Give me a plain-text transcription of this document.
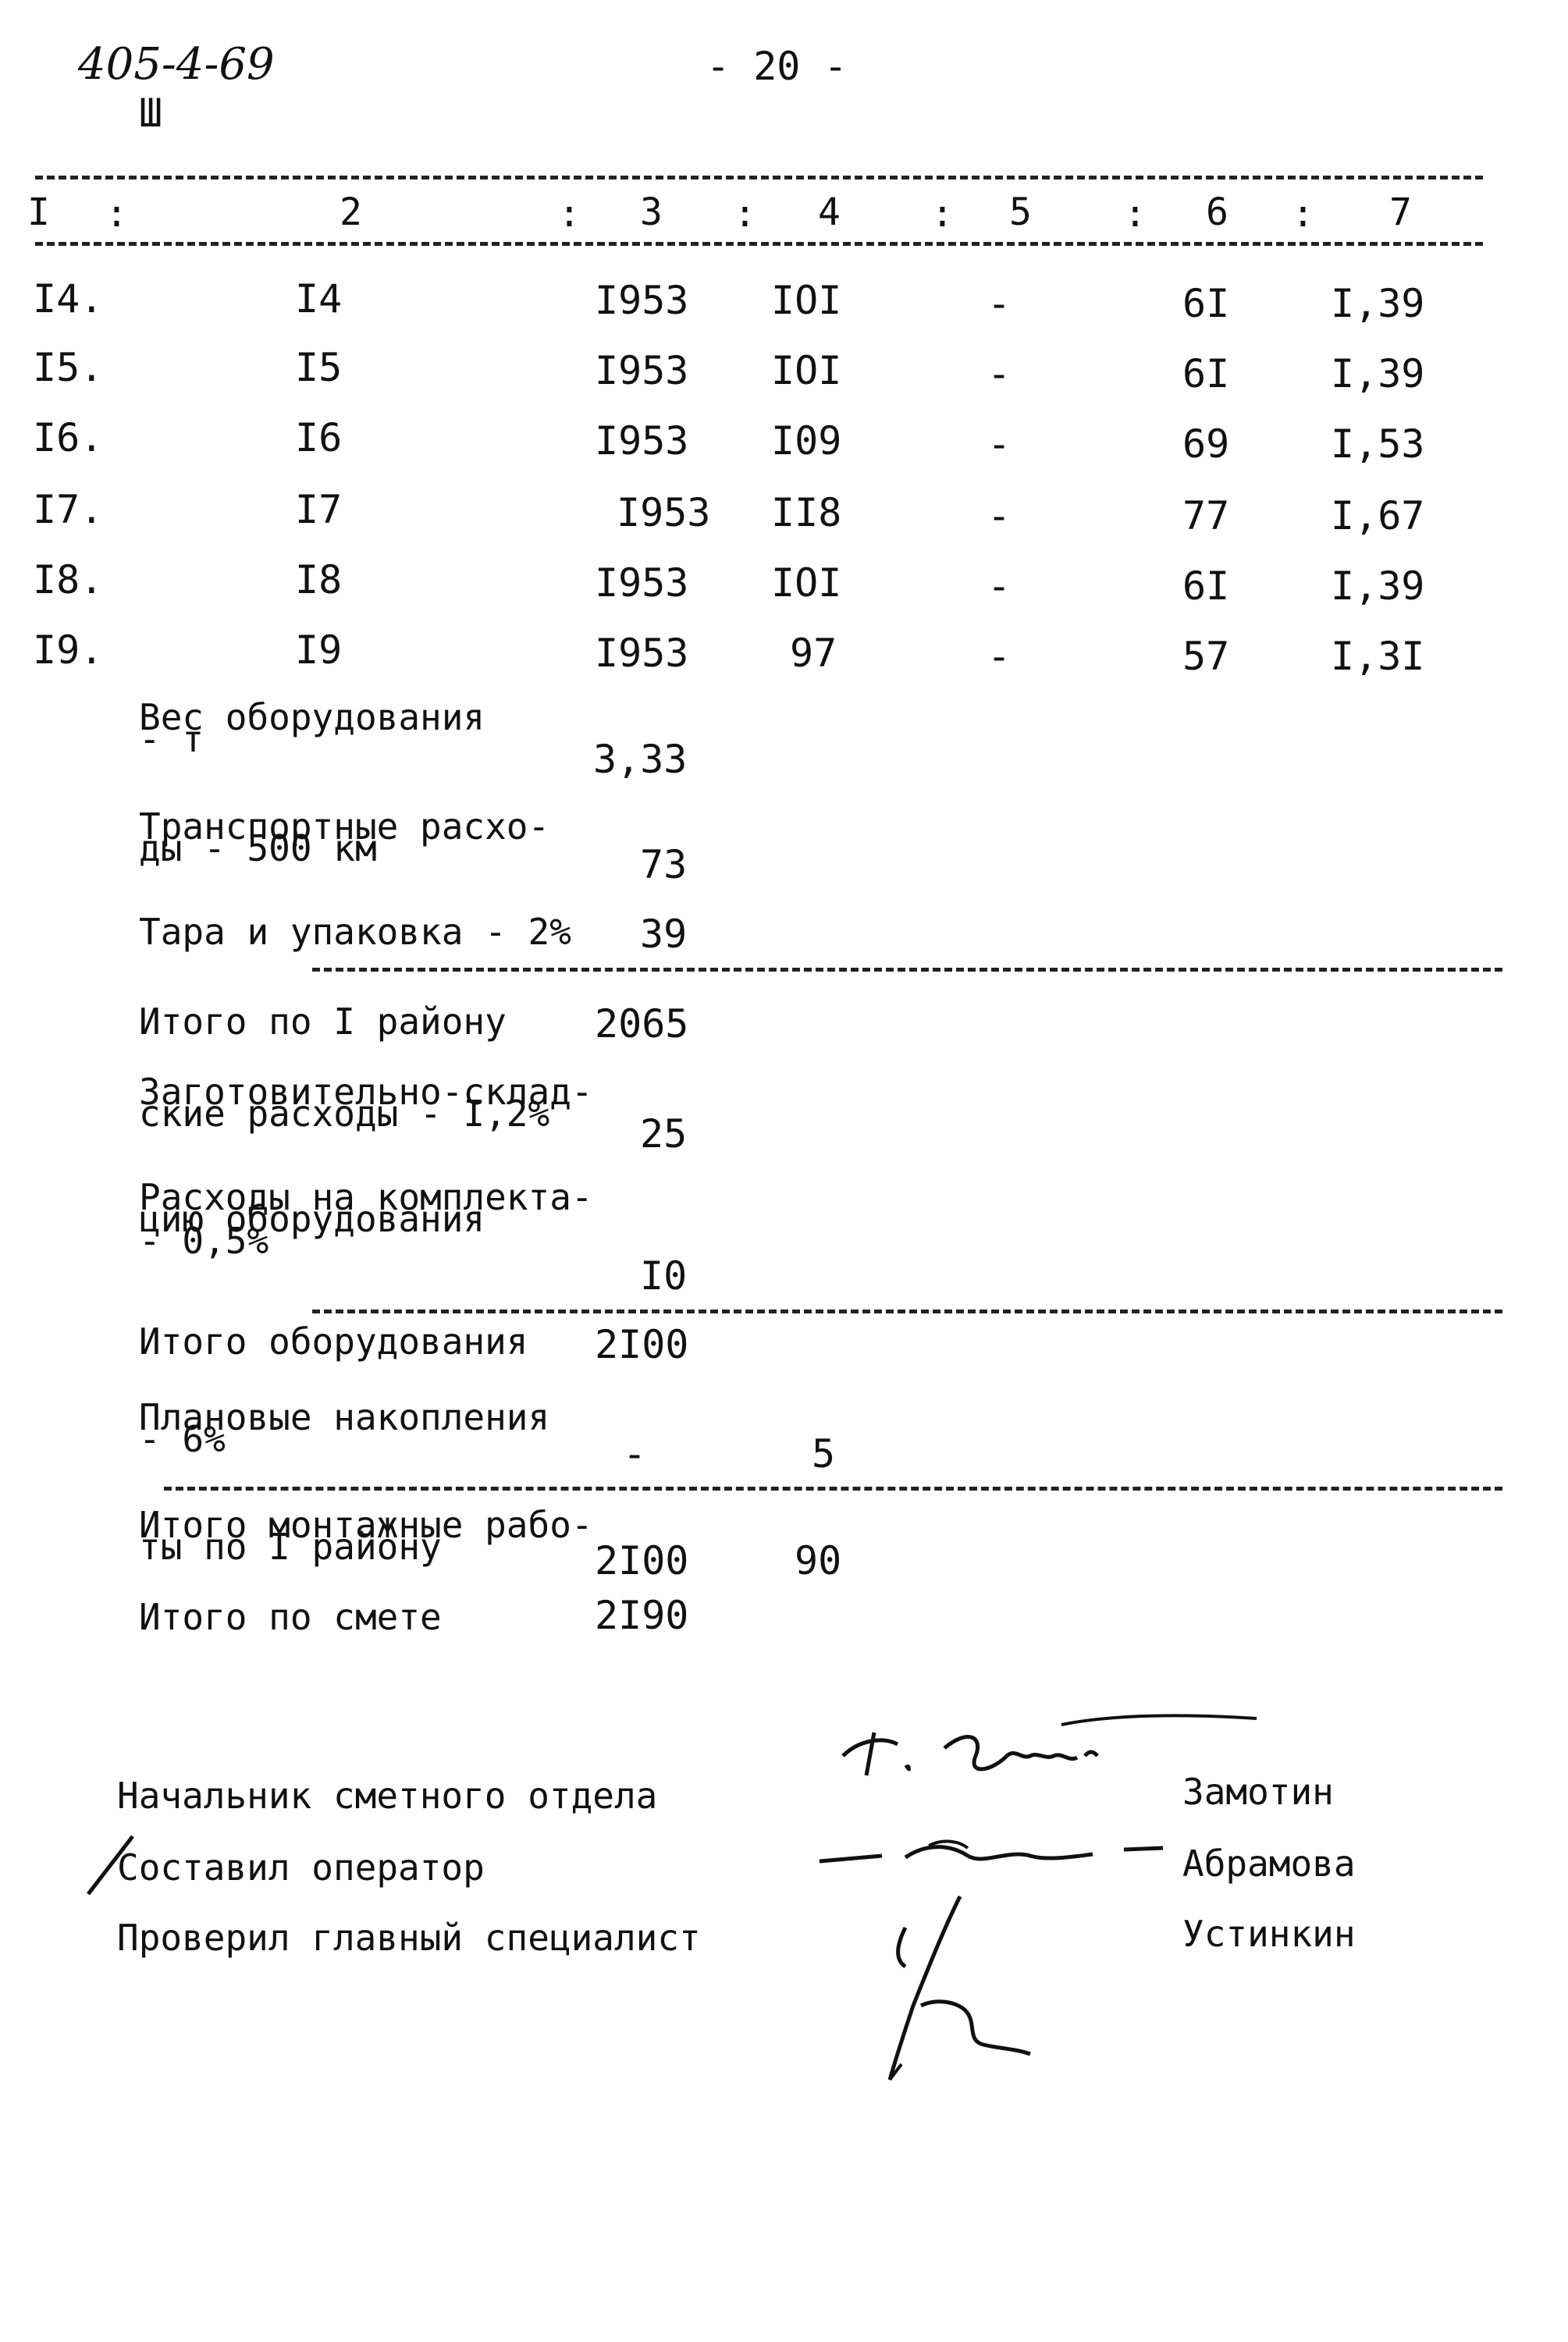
405-4-69
Ш
- 20 -
I :	2	: 3 : 4 : 5 : 6 : 7
I4.	I4	I953 IOI	-	6I	I,39
I5.	I5	I953 IOI	-	6I	I,39
I6.	I6	I953 I09	-	69	I,53
I7.	I7	I953 II8	-	77	I,67
I8.	I8	I953 IOI	-	6I	I,39
I9.	I9	I953	97	-	57	I,3I
Вес оборудования
- т	3,33
Транспортные расхо-
ды - 500 км	73
Тара и упаковка - 2% 39
Итого по I району 2065
Заготовительно-склад-
ские расходы - I,2%	25
Расходы на комплекта-
цию оборудования
- 0,5%
I0
Итого оборудования 2I00
Плановые накопления
- 6%	-	5
Итого монтажные рабо-
ты по I району	2I00	90
Итого по смете	2I90
Начальник сметного отдела
Составил оператор
Проверил главный специалист
Замотин
Абрамова
Устинкин
